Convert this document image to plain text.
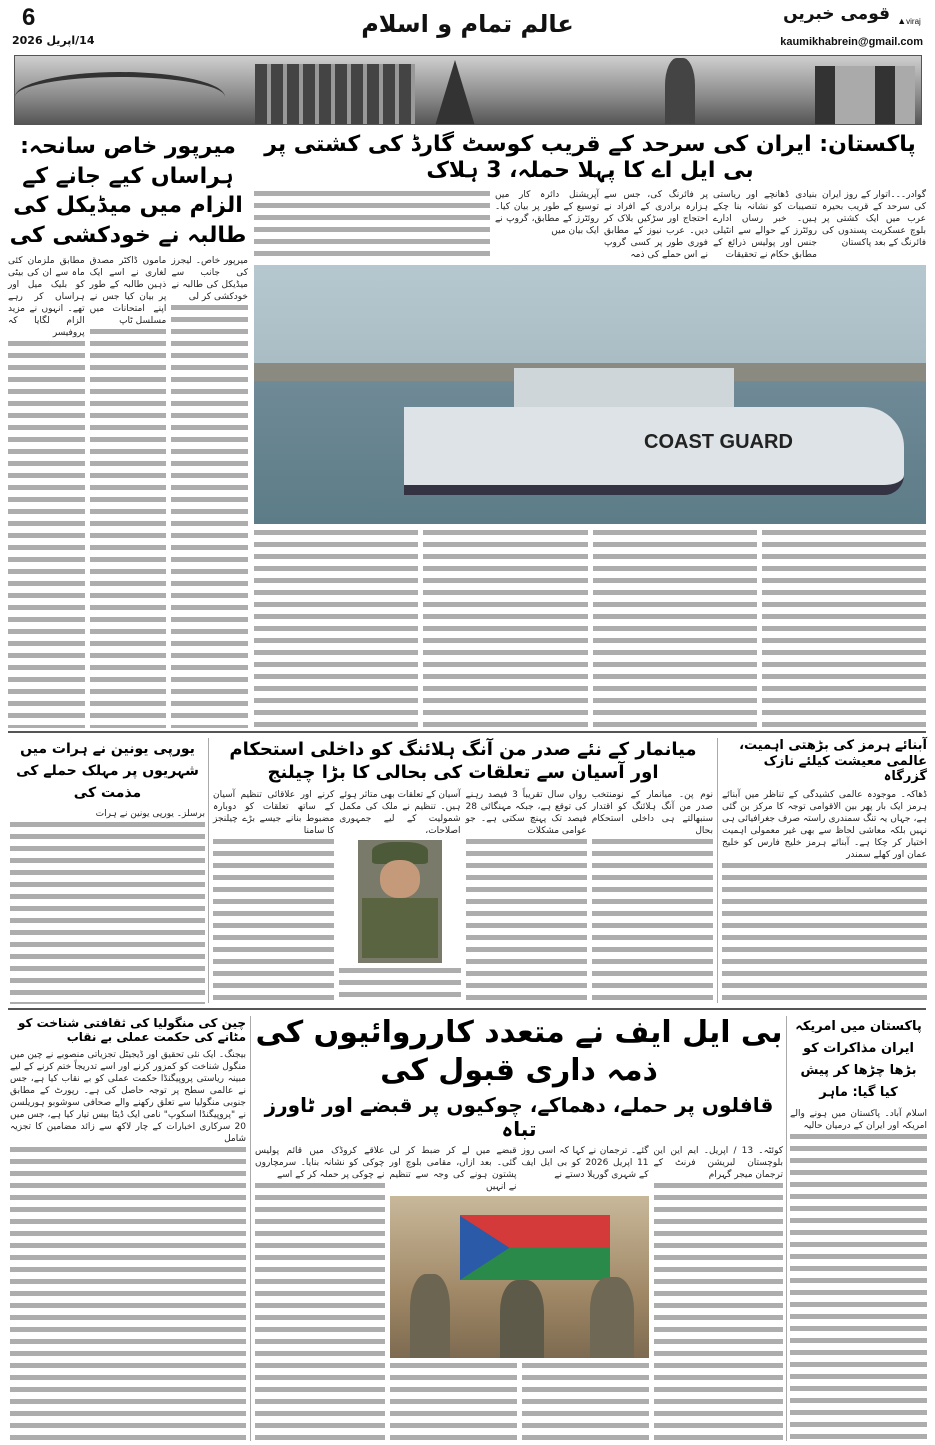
6
14/اپریل 2026
عالم تمام و اسلام	قومی خبریں ▲viraj
kaumikhabrein@gmail.com
پاکستان: ایران کی سرحد کے قریب کوسٹ گارڈ کی کشتی پر بی ایل اے کا پہلا حملہ، 3 ہلاک
گوادر۔۔۔اتوار کے روز ایران کی سرحد کے قریب بحیرہ عرب میں ایک کشتی پر بلوچ عسکریت پسندوں کی فائرنگ کے بعد پاکستان
بنیادی ڈھانچے اور ریاستی تنصیبات کو نشانہ بنا چکے ہیں۔ خبر رساں ادارے روئٹرز کے حوالے سے انٹیلی جنس اور پولیس ذرائع کے مطابق حکام نے تحقیقات
پر فائرنگ کی، جس سے ہزارہ برادری کے افراد نے احتجاج اور سڑکیں بلاک کر دیں۔ عرب نیوز کے مطابق فوری طور پر کسی گروپ نے اس حملے کی ذمہ
آپریشنل دائرہ کار میں توسیع کے طور پر بیان کیا۔ روئٹرز کے مطابق، گروپ نے ایک بیان میں
COAST GUARD
میرپور خاص سانحہ: ہراساں کیے جانے کے الزام میں میڈیکل کی طالبہ نے خودکشی کی
میرپور خاص۔ لیجرز کی جانب سے میڈیکل کی طالبہ نے خودکشی کر لی
ماموں ڈاکٹر مصدق لغاری نے اسے ایک ذہین طالبہ کے طور پر بیان کیا جس نے اپنے امتحانات میں مسلسل ٹاپ
مطابق ملزمان کئی ماہ سے ان کی بیٹی کو بلیک میل اور ہراساں کر رہے تھے۔ انہوں نے مزید الزام لگایا کہ پروفیسر
آبنائے ہرمز کی بڑھتی اہمیت، عالمی معیشت کیلئے نازک گزرگاہ
ڈھاکہ۔ موجودہ عالمی کشیدگی کے تناظر میں آبنائے ہرمز ایک بار پھر بین الاقوامی توجہ کا مرکز بن گئی ہے، جہاں یہ تنگ سمندری راستہ صرف جغرافیائی ہی نہیں بلکہ معاشی لحاظ سے بھی غیر معمولی اہمیت اختیار کر چکا ہے۔ آبنائے ہرمز خلیج فارس کو خلیج عمان اور کھلے سمندر
میانمار کے نئے صدر من آنگ ہلائنگ کو داخلی استحکام اور آسیان سے تعلقات کی بحالی کا بڑا چیلنج
نوم پن۔ میانمار کے نومنتخب صدر من آنگ ہلائنگ کو اقتدار سنبھالتے ہی داخلی استحکام بحال
رواں سال تقریباً 3 فیصد رہنے کی توقع ہے، جبکہ مہنگائی 28 فیصد تک پہنچ سکتی ہے۔ جو عوامی مشکلات
آسیان کے تعلقات بھی متاثر ہوئے ہیں۔ تنظیم نے ملک کی مکمل شمولیت کے لیے جمہوری اصلاحات،
کرنے اور علاقائی تنظیم آسیان کے ساتھ تعلقات کو دوبارہ مضبوط بنانے جیسے بڑے چیلنجز کا سامنا
یورپی یونین نے ہرات میں شہریوں پر مہلک حملے کی مذمت کی
برسلز۔ یورپی یونین نے ہرات
پاکستان میں امریکہ ایران مذاکرات کو بڑھا چڑھا کر پیش کیا گیا: ماہر
اسلام آباد۔ پاکستان میں ہونے والے امریکہ اور ایران کے درمیان حالیہ
بی ایل ایف نے متعدد کارروائیوں کی ذمہ داری قبول کی
قافلوں پر حملے، دھماکے، چوکیوں پر قبضے اور ٹاورز تباہ
کوئٹہ۔ 13 / اپریل۔ ایم این این بلوچستان لبریشن فرنٹ کے ترجمان میجر گہرام
گئے۔ ترجمان نے کہا کہ اسی روز 11 اپریل 2026 کو بی ایل ایف کے شہری گوریلا دستے نے
قبضے میں لے کر ضبط کر لی گئی۔ بعد ازاں، مقامی بلوچ اور پشتون ہونے کی وجہ سے تنظیم نے انہیں
علاقے کروڈک میں قائم پولیس چوکی کو نشانہ بنایا۔ سرمچاروں نے چوکی پر حملہ کر کے اسے
چین کی منگولیا کی ثقافتی شناخت کو مٹانے کی حکمت عملی بے نقاب
بیجنگ۔ ایک نئی تحقیق اور ڈیجیٹل تجزیاتی منصوبے نے چین میں منگول شناخت کو کمزور کرنے اور اسے تدریجاً ختم کرنے کے لیے مبینہ ریاستی پروپیگنڈا حکمت عملی کو بے نقاب کیا ہے، جس نے عالمی سطح پر توجہ حاصل کی ہے۔ رپورٹ کے مطابق جنوبی منگولیا سے تعلق رکھنے والے صحافی سوشوبو ہوریلسن نے "پروپیگنڈا اسکوپ" نامی ایک ڈیٹا بیس تیار کیا ہے، جس میں 20 سرکاری اخبارات کے چار لاکھ سے زائد مضامین کا تجزیہ شامل
